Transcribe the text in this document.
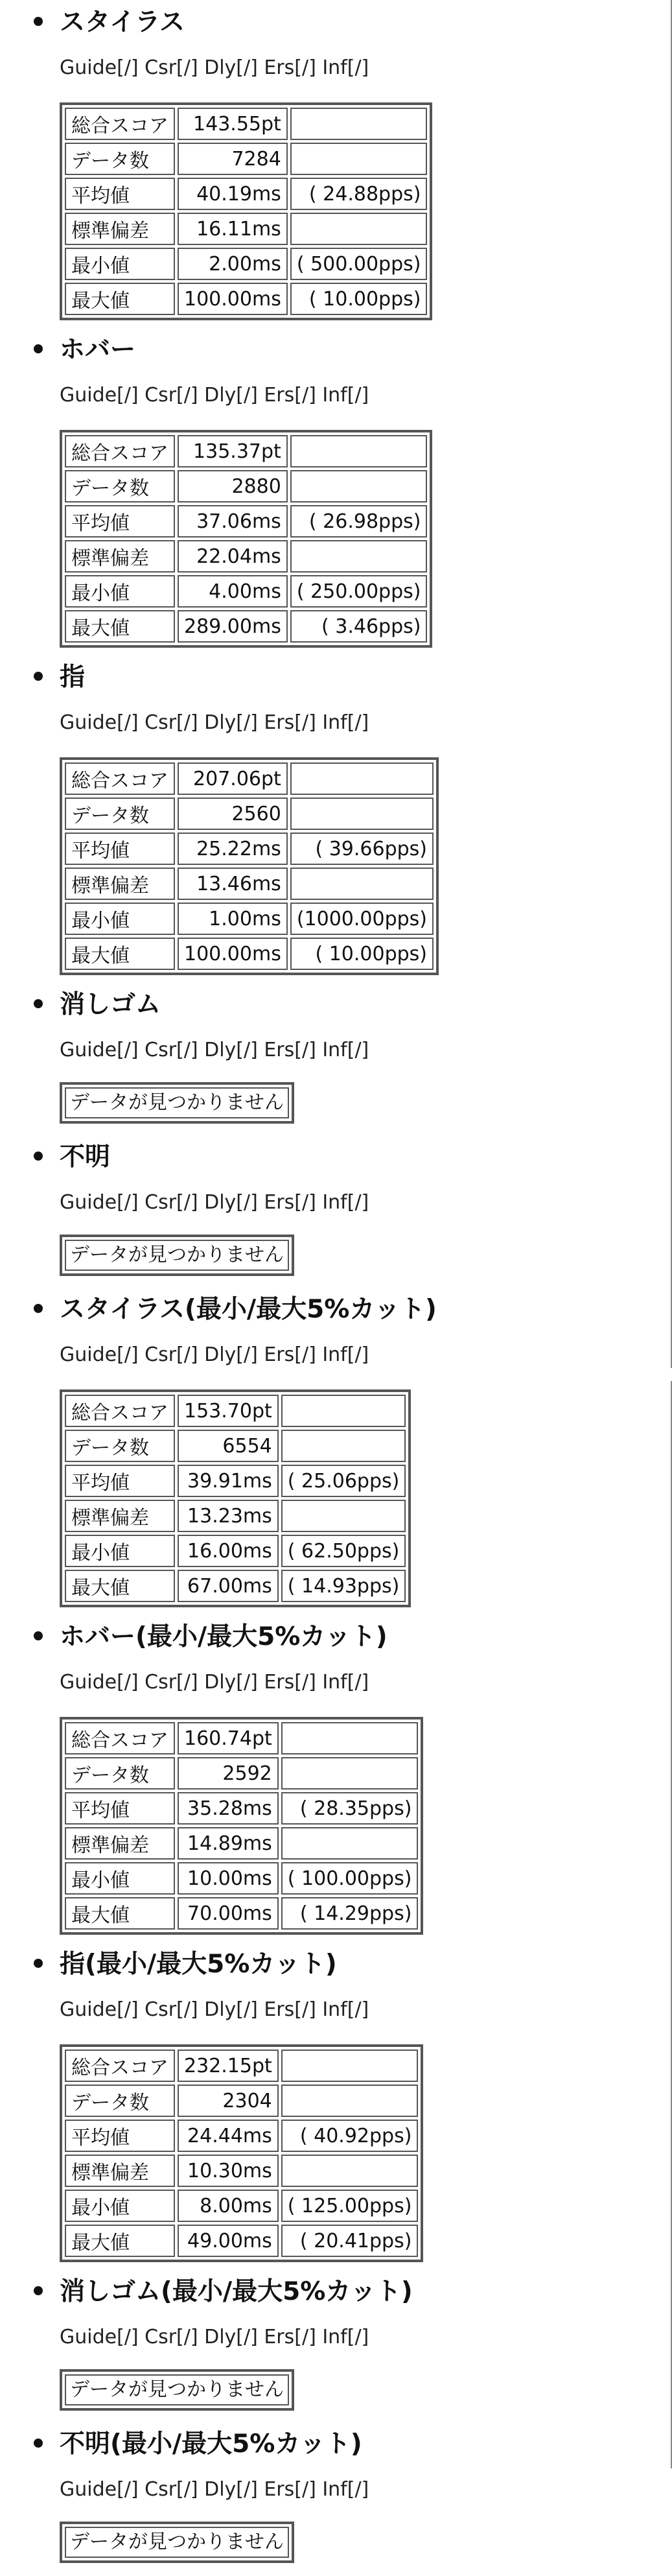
スタイラス
Guide[/] Csr[/] Dly[/] Ers[/] Inf[/]
総合スコア	143.55pt	
データ数	7284	
平均値	40.19ms	( 24.88pps)
標準偏差	16.11ms	
最小値	2.00ms	( 500.00pps)
最大値	100.00ms	( 10.00pps)
ホバー
Guide[/] Csr[/] Dly[/] Ers[/] Inf[/]
総合スコア	135.37pt	
データ数	2880	
平均値	37.06ms	( 26.98pps)
標準偏差	22.04ms	
最小値	4.00ms	( 250.00pps)
最大値	289.00ms	( 3.46pps)
指
Guide[/] Csr[/] Dly[/] Ers[/] Inf[/]
総合スコア	207.06pt	
データ数	2560	
平均値	25.22ms	( 39.66pps)
標準偏差	13.46ms	
最小値	1.00ms	(1000.00pps)
最大値	100.00ms	( 10.00pps)
消しゴム
Guide[/] Csr[/] Dly[/] Ers[/] Inf[/]
データが見つかりません
不明
Guide[/] Csr[/] Dly[/] Ers[/] Inf[/]
データが見つかりません
スタイラス(最小/最大5%カット)
Guide[/] Csr[/] Dly[/] Ers[/] Inf[/]
総合スコア	153.70pt	
データ数	6554	
平均値	39.91ms	( 25.06pps)
標準偏差	13.23ms	
最小値	16.00ms	( 62.50pps)
最大値	67.00ms	( 14.93pps)
ホバー(最小/最大5%カット)
Guide[/] Csr[/] Dly[/] Ers[/] Inf[/]
総合スコア	160.74pt	
データ数	2592	
平均値	35.28ms	( 28.35pps)
標準偏差	14.89ms	
最小値	10.00ms	( 100.00pps)
最大値	70.00ms	( 14.29pps)
指(最小/最大5%カット)
Guide[/] Csr[/] Dly[/] Ers[/] Inf[/]
総合スコア	232.15pt	
データ数	2304	
平均値	24.44ms	( 40.92pps)
標準偏差	10.30ms	
最小値	8.00ms	( 125.00pps)
最大値	49.00ms	( 20.41pps)
消しゴム(最小/最大5%カット)
Guide[/] Csr[/] Dly[/] Ers[/] Inf[/]
データが見つかりません
不明(最小/最大5%カット)
Guide[/] Csr[/] Dly[/] Ers[/] Inf[/]
データが見つかりません
